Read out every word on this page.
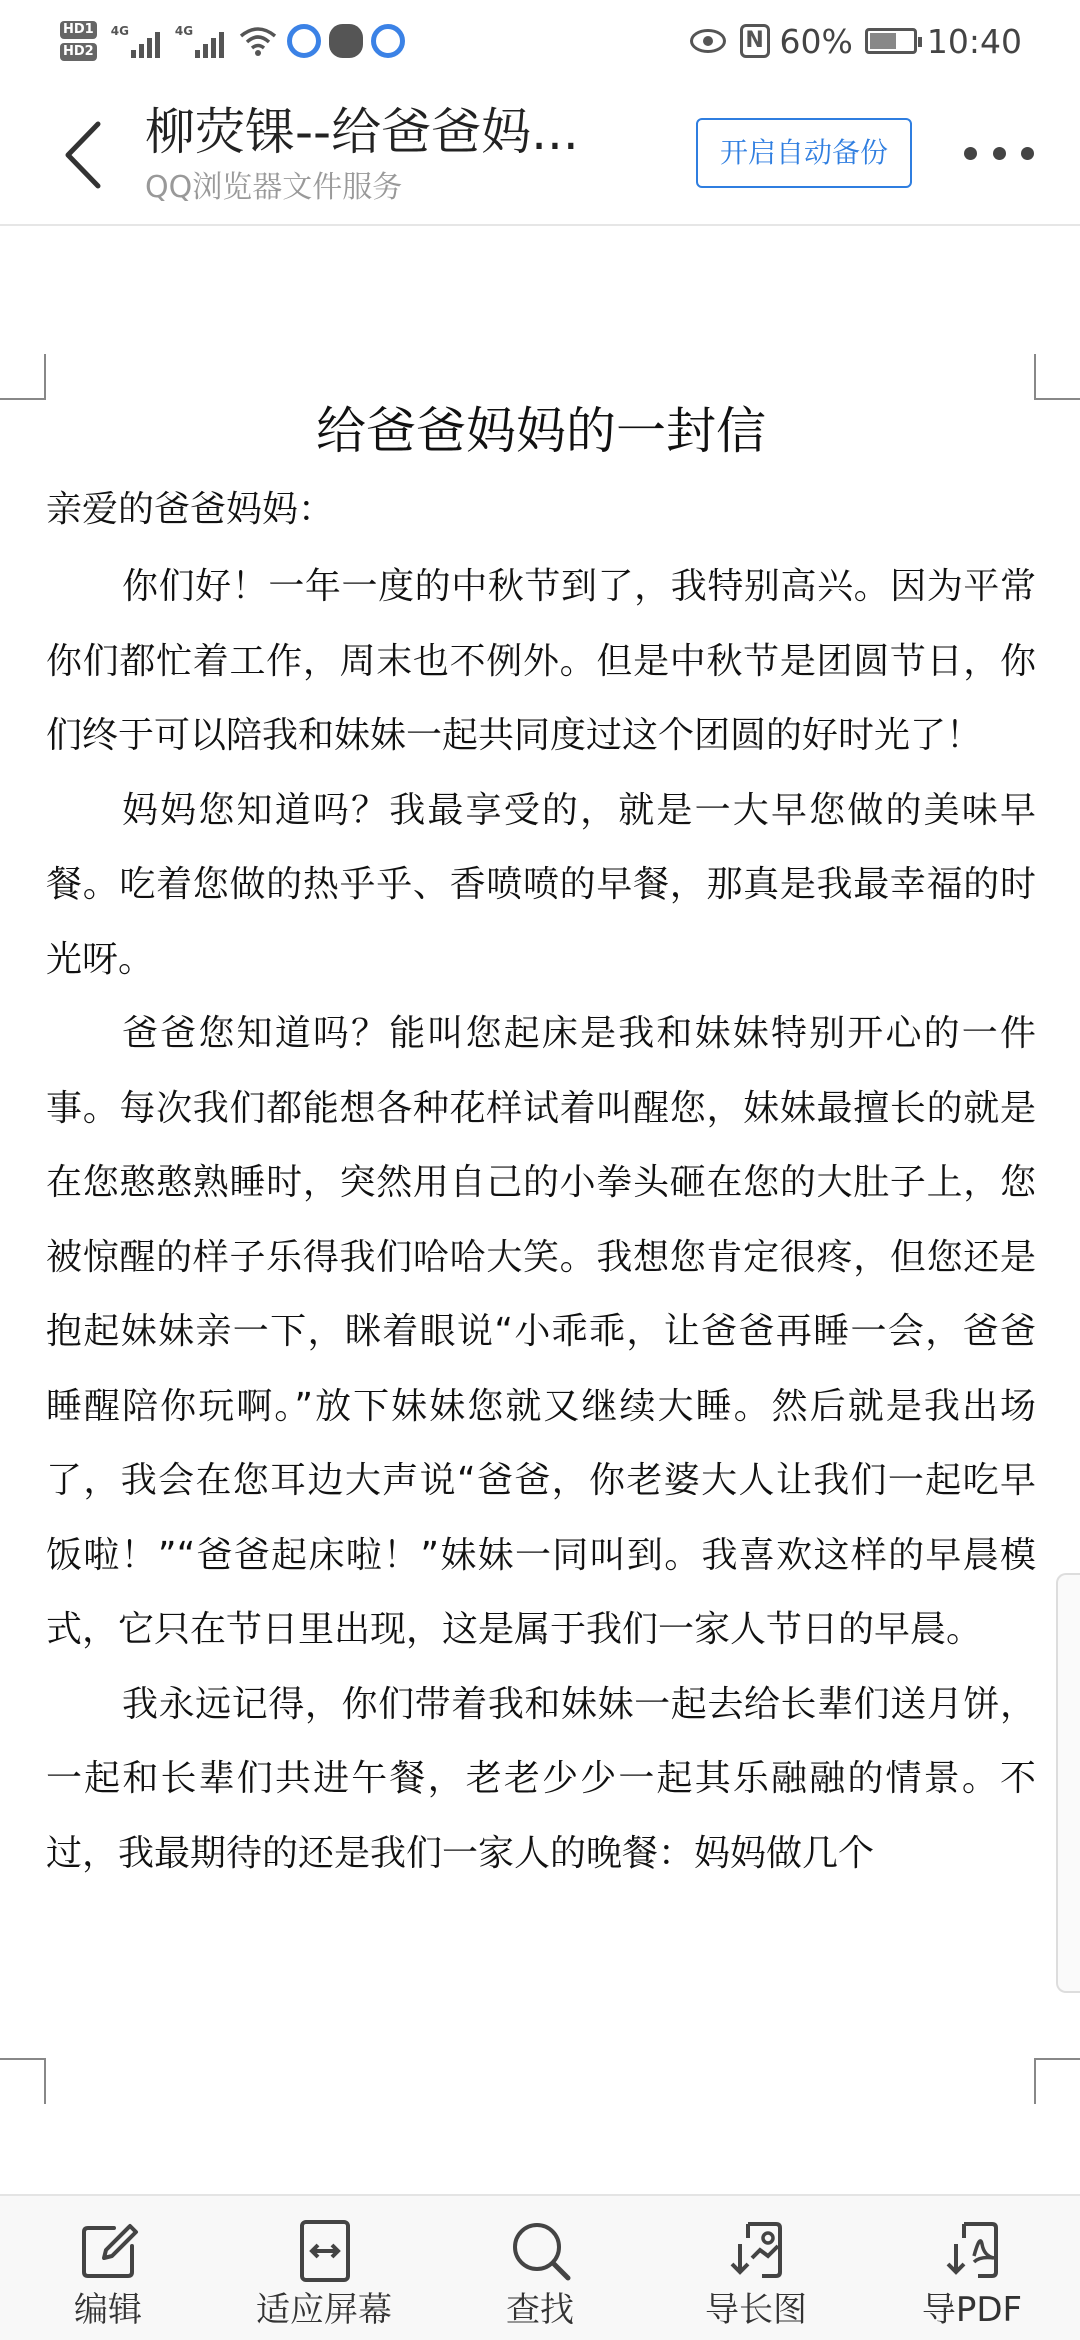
HD1
HD2
4G	4G	N 60% 10:40
柳荧锞--给爸爸妈...
QQ浏览器文件服务
开启自动备份
给爸爸妈妈的一封信
亲爱的爸爸妈妈：

你们好！一年一度的中秋节到了，我特别高兴。因为平常你们都忙着工作，周末也不例外。但是中秋节是团圆节日，你们终于可以陪我和妹妹一起共同度过这个团圆的好时光了！

妈妈您知道吗？我最享受的，就是一大早您做的美味早餐。吃着您做的热乎乎、香喷喷的早餐，那真是我最幸福的时光呀。

爸爸您知道吗？能叫您起床是我和妹妹特别开心的一件事。每次我们都能想各种花样试着叫醒您，妹妹最擅长的就是在您憨憨熟睡时，突然用自己的小拳头砸在您的大肚子上，您被惊醒的样子乐得我们哈哈大笑。我想您肯定很疼，但您还是抱起妹妹亲一下，眯着眼说“小乖乖，让爸爸再睡一会，爸爸睡醒陪你玩啊。”放下妹妹您就又继续大睡。然后就是我出场了，我会在您耳边大声说“爸爸，你老婆大人让我们一起吃早饭啦！”“爸爸起床啦！”妹妹一同叫到。我喜欢这样的早晨模式，它只在节日里出现，这是属于我们一家人节日的早晨。

我永远记得，你们带着我和妹妹一起去给长辈们送月饼，一起和长辈们共进午餐，老老少少一起其乐融融的情景。不过，我最期待的还是我们一家人的晚餐：妈妈做几个

编辑	适应屏幕	查找	导长图	导PDF
